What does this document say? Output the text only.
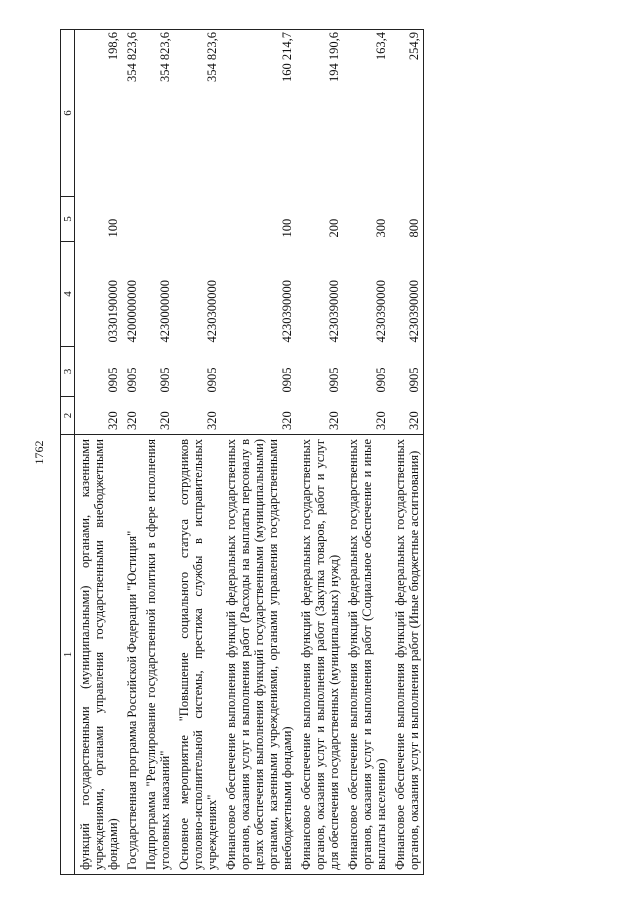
1762
1	2	3	4	5	6
функций государственными (муниципальными) органами, казенными учреждениями, органами управления государственными внебюджетными фондами)	320	0905	0330190000	100	198,6
Государственная программа Российской Федерации "Юстиция"	320	0905	4200000000		354 823,6
Подпрограмма "Регулирование государственной политики в сфере исполнения уголовных наказаний"	320	0905	4230000000		354 823,6
Основное мероприятие "Повышение социального статуса сотрудников уголовно-исполнительной системы, престижа службы в исправительных учреждениях"	320	0905	4230300000		354 823,6
Финансовое обеспечение выполнения функций федеральных государственных органов, оказания услуг и выполнения работ (Расходы на выплаты персоналу в целях обеспечения выполнения функций государственными (муниципальными) органами, казенными учреждениями, органами управления государственными внебюджетными фондами)	320	0905	4230390000	100	160 214,7
Финансовое обеспечение выполнения функций федеральных государственных органов, оказания услуг и выполнения работ (Закупка товаров, работ и услуг для обеспечения государственных (муниципальных) нужд)	320	0905	4230390000	200	194 190,6
Финансовое обеспечение выполнения функций федеральных государственных органов, оказания услуг и выполнения работ (Социальное обеспечение и иные выплаты населению)	320	0905	4230390000	300	163,4
Финансовое обеспечение выполнения функций федеральных государственных органов, оказания услуг и выполнения работ (Иные бюджетные ассигнования)	320	0905	4230390000	800	254,9
